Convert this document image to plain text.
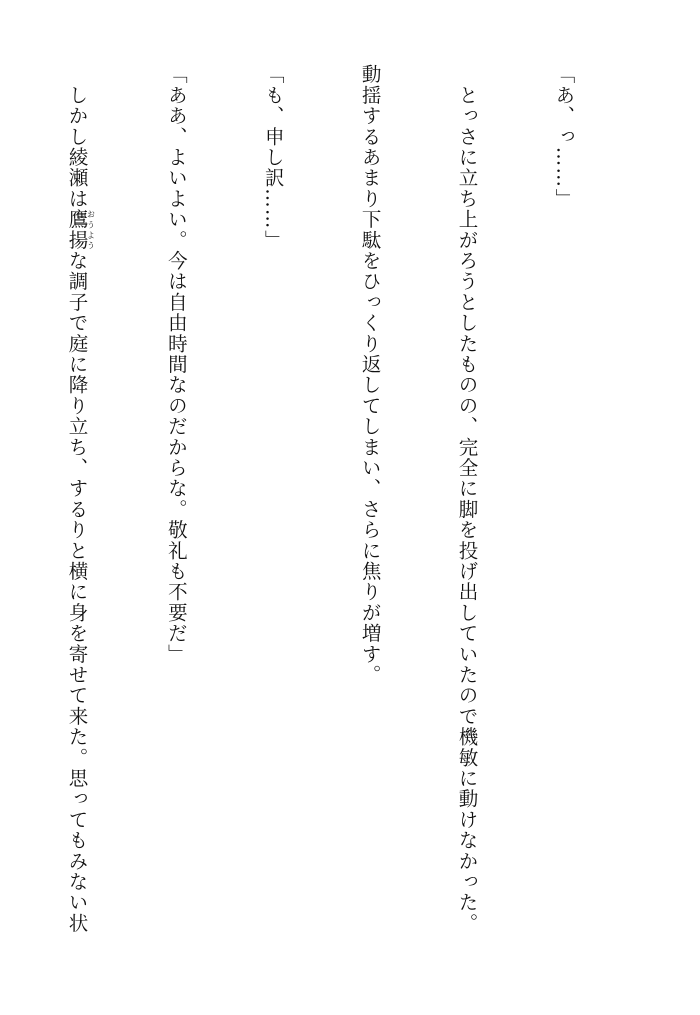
「あ、っ……」

　とっさに立ち上がろうとしたものの、完全に脚を投げ出していたので機敏に動けなかった。

動揺するあまり下駄をひっくり返してしまい、さらに焦りが増す。

「も、申し訳……」

「ああ、よいよい。今は自由時間なのだからな。敬礼も不要だ」

　しかし綾瀬は鷹揚おうような調子で庭に降り立ち、するりと横に身を寄せて来た。思ってもみない状
